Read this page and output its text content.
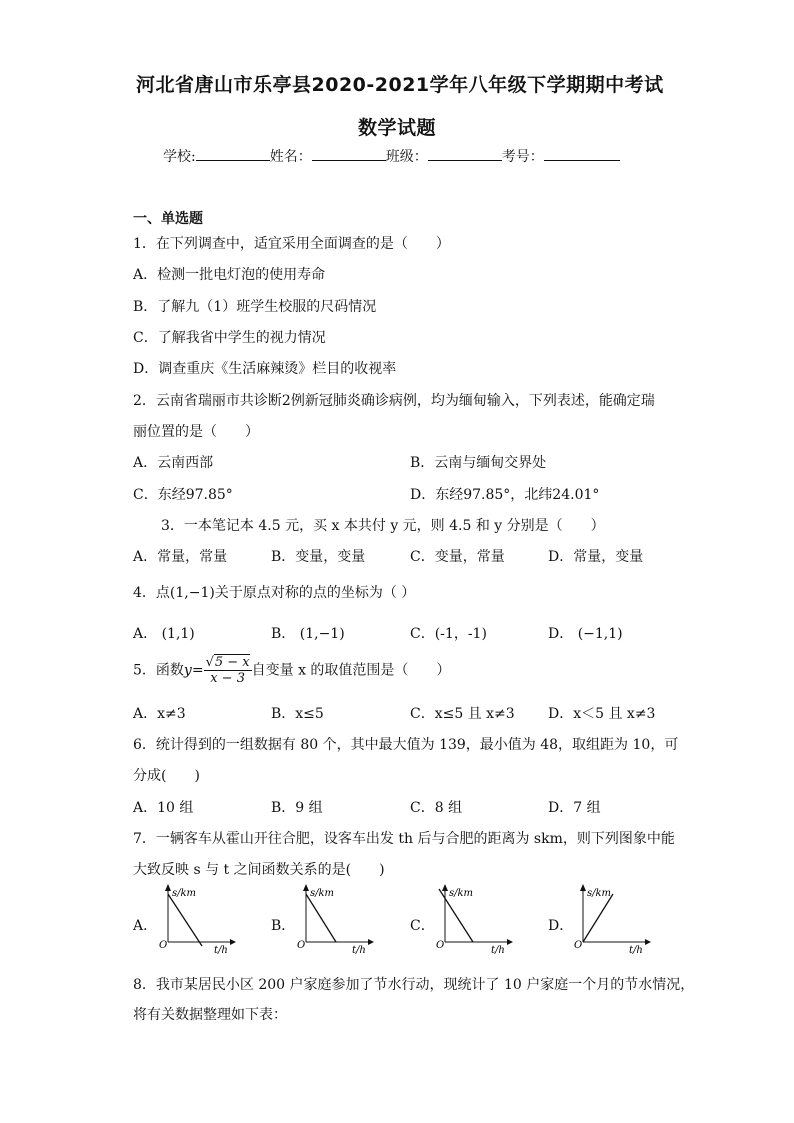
河北省唐山市乐亭县2020-2021学年八年级下学期期中考试
数学试题
学校:	姓名：	班级：	考号：
一、单选题
1．在下列调查中，适宜采用全面调查的是（　　）
A．检测一批电灯泡的使用寿命
B．了解九（1）班学生校服的尺码情况
C．了解我省中学生的视力情况
D．调查重庆《生活麻辣烫》栏目的收视率
2．云南省瑞丽市共诊断2例新冠肺炎确诊病例，均为缅甸输入，下列表述，能确定瑞
丽位置的是（　　）
A．云南西部	B．云南与缅甸交界处
C．东经97.85°	D．东经97.85°，北纬24.01°
3．一本笔记本 4.5 元，买 x 本共付 y 元，则 4.5 和 y 分别是（　　）
A．常量，常量	B．变量，变量	C．变量，常量	D．常量，变量
4．点(1,−1)关于原点对称的点的坐标为（ ）
A． (1,1)	B． (1,−1)	C．(-1，-1)	D． (−1,1)
5．函数$y= \frac{√5 - x}{x - 3}$ 自变量 x 的取值范围是（　　）
A．x≠3	B．x≤5	C．x≤5 且 x≠3 D．x＜5 且 x≠3
6．统计得到的一组数据有 80 个，其中最大值为 139，最小值为 48，取组距为 10，可
分成(　　)
A．10 组	B．9 组	C．8 组	D．7 组
7．一辆客车从霍山开往合肥，设客车出发 th 后与合肥的距离为 skm，则下列图象中能
大致反映 s 与 t 之间函数关系的是(　　)
A．	B．	C．	D．
s/km
t/h
O
s/km
t/h
O
s/km
t/h
O
s/km
t/h
O
8．我市某居民小区 200 户家庭参加了节水行动，现统计了 10 户家庭一个月的节水情况，
将有关数据整理如下表：
